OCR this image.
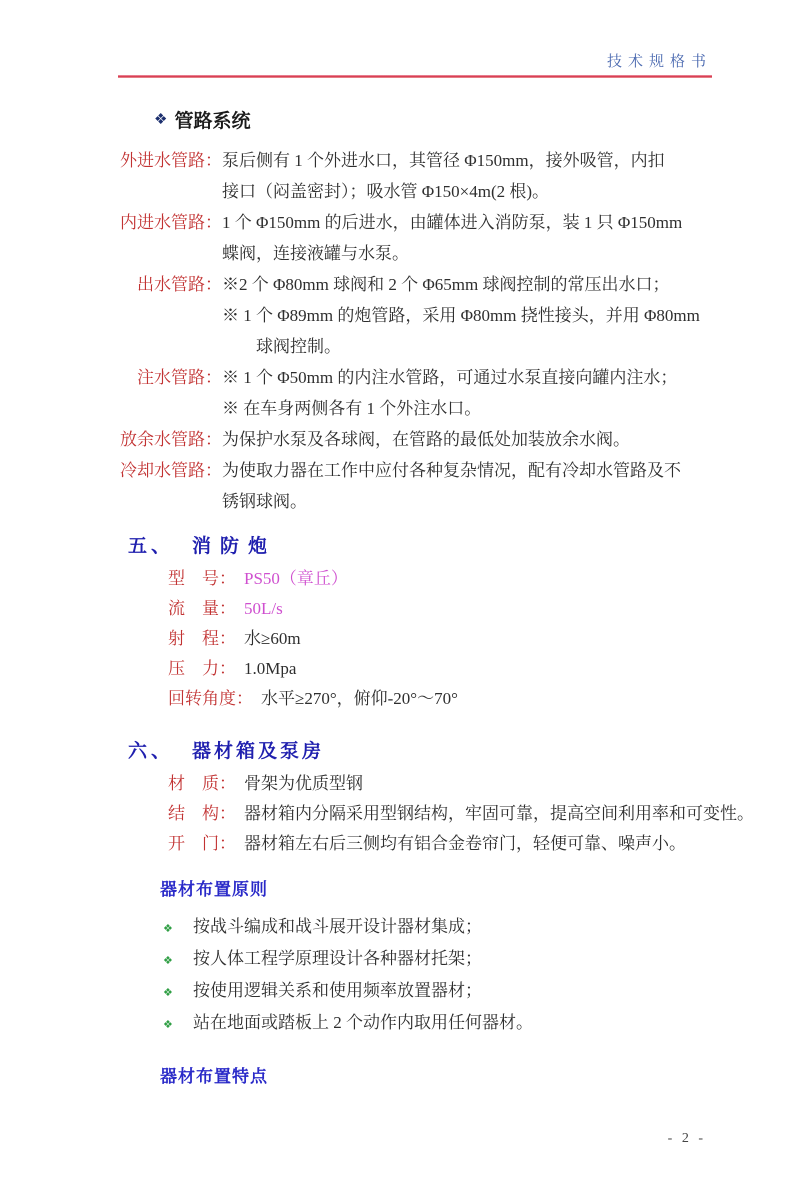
技术规格书
❖ 管路系统
外进水管路： 泵后侧有 1 个外进水口，其管径 Φ150mm，接外吸管，内扣
接口（闷盖密封）；吸水管 Φ150×4m(2 根)。
内进水管路： 1 个 Φ150mm 的后进水，由罐体进入消防泵，装 1 只 Φ150mm
蝶阀，连接液罐与水泵。
出水管路： ※2 个 Φ80mm 球阀和 2 个 Φ65mm 球阀控制的常压出水口；
※ 1 个 Φ89mm 的炮管路，采用 Φ80mm 挠性接头，并用 Φ80mm
球阀控制。
注水管路： ※ 1 个 Φ50mm 的内注水管路，可通过水泵直接向罐内注水；
※ 在车身两侧各有 1 个外注水口。
放余水管路： 为保护水泵及各球阀，在管路的最低处加装放余水阀。
冷却水管路： 为使取力器在工作中应付各种复杂情况，配有冷却水管路及不
锈钢球阀。
五、 消防炮
型　号： PS50（章丘）
流　量： 50L/s
射　程： 水≥60m
压　力： 1.0Mpa
回转角度： 水平≥270°，俯仰-20°～70°
六、 器材箱及泵房
材　质： 骨架为优质型钢
结　构： 器材箱内分隔采用型钢结构，牢固可靠，提高空间利用率和可变性。
开　门： 器材箱左右后三侧均有铝合金卷帘门，轻便可靠、噪声小。
器材布置原则
❖	按战斗编成和战斗展开设计器材集成；
❖	按人体工程学原理设计各种器材托架；
❖	按使用逻辑关系和使用频率放置器材；
❖	站在地面或踏板上 2 个动作内取用任何器材。
器材布置特点
- 2 -
